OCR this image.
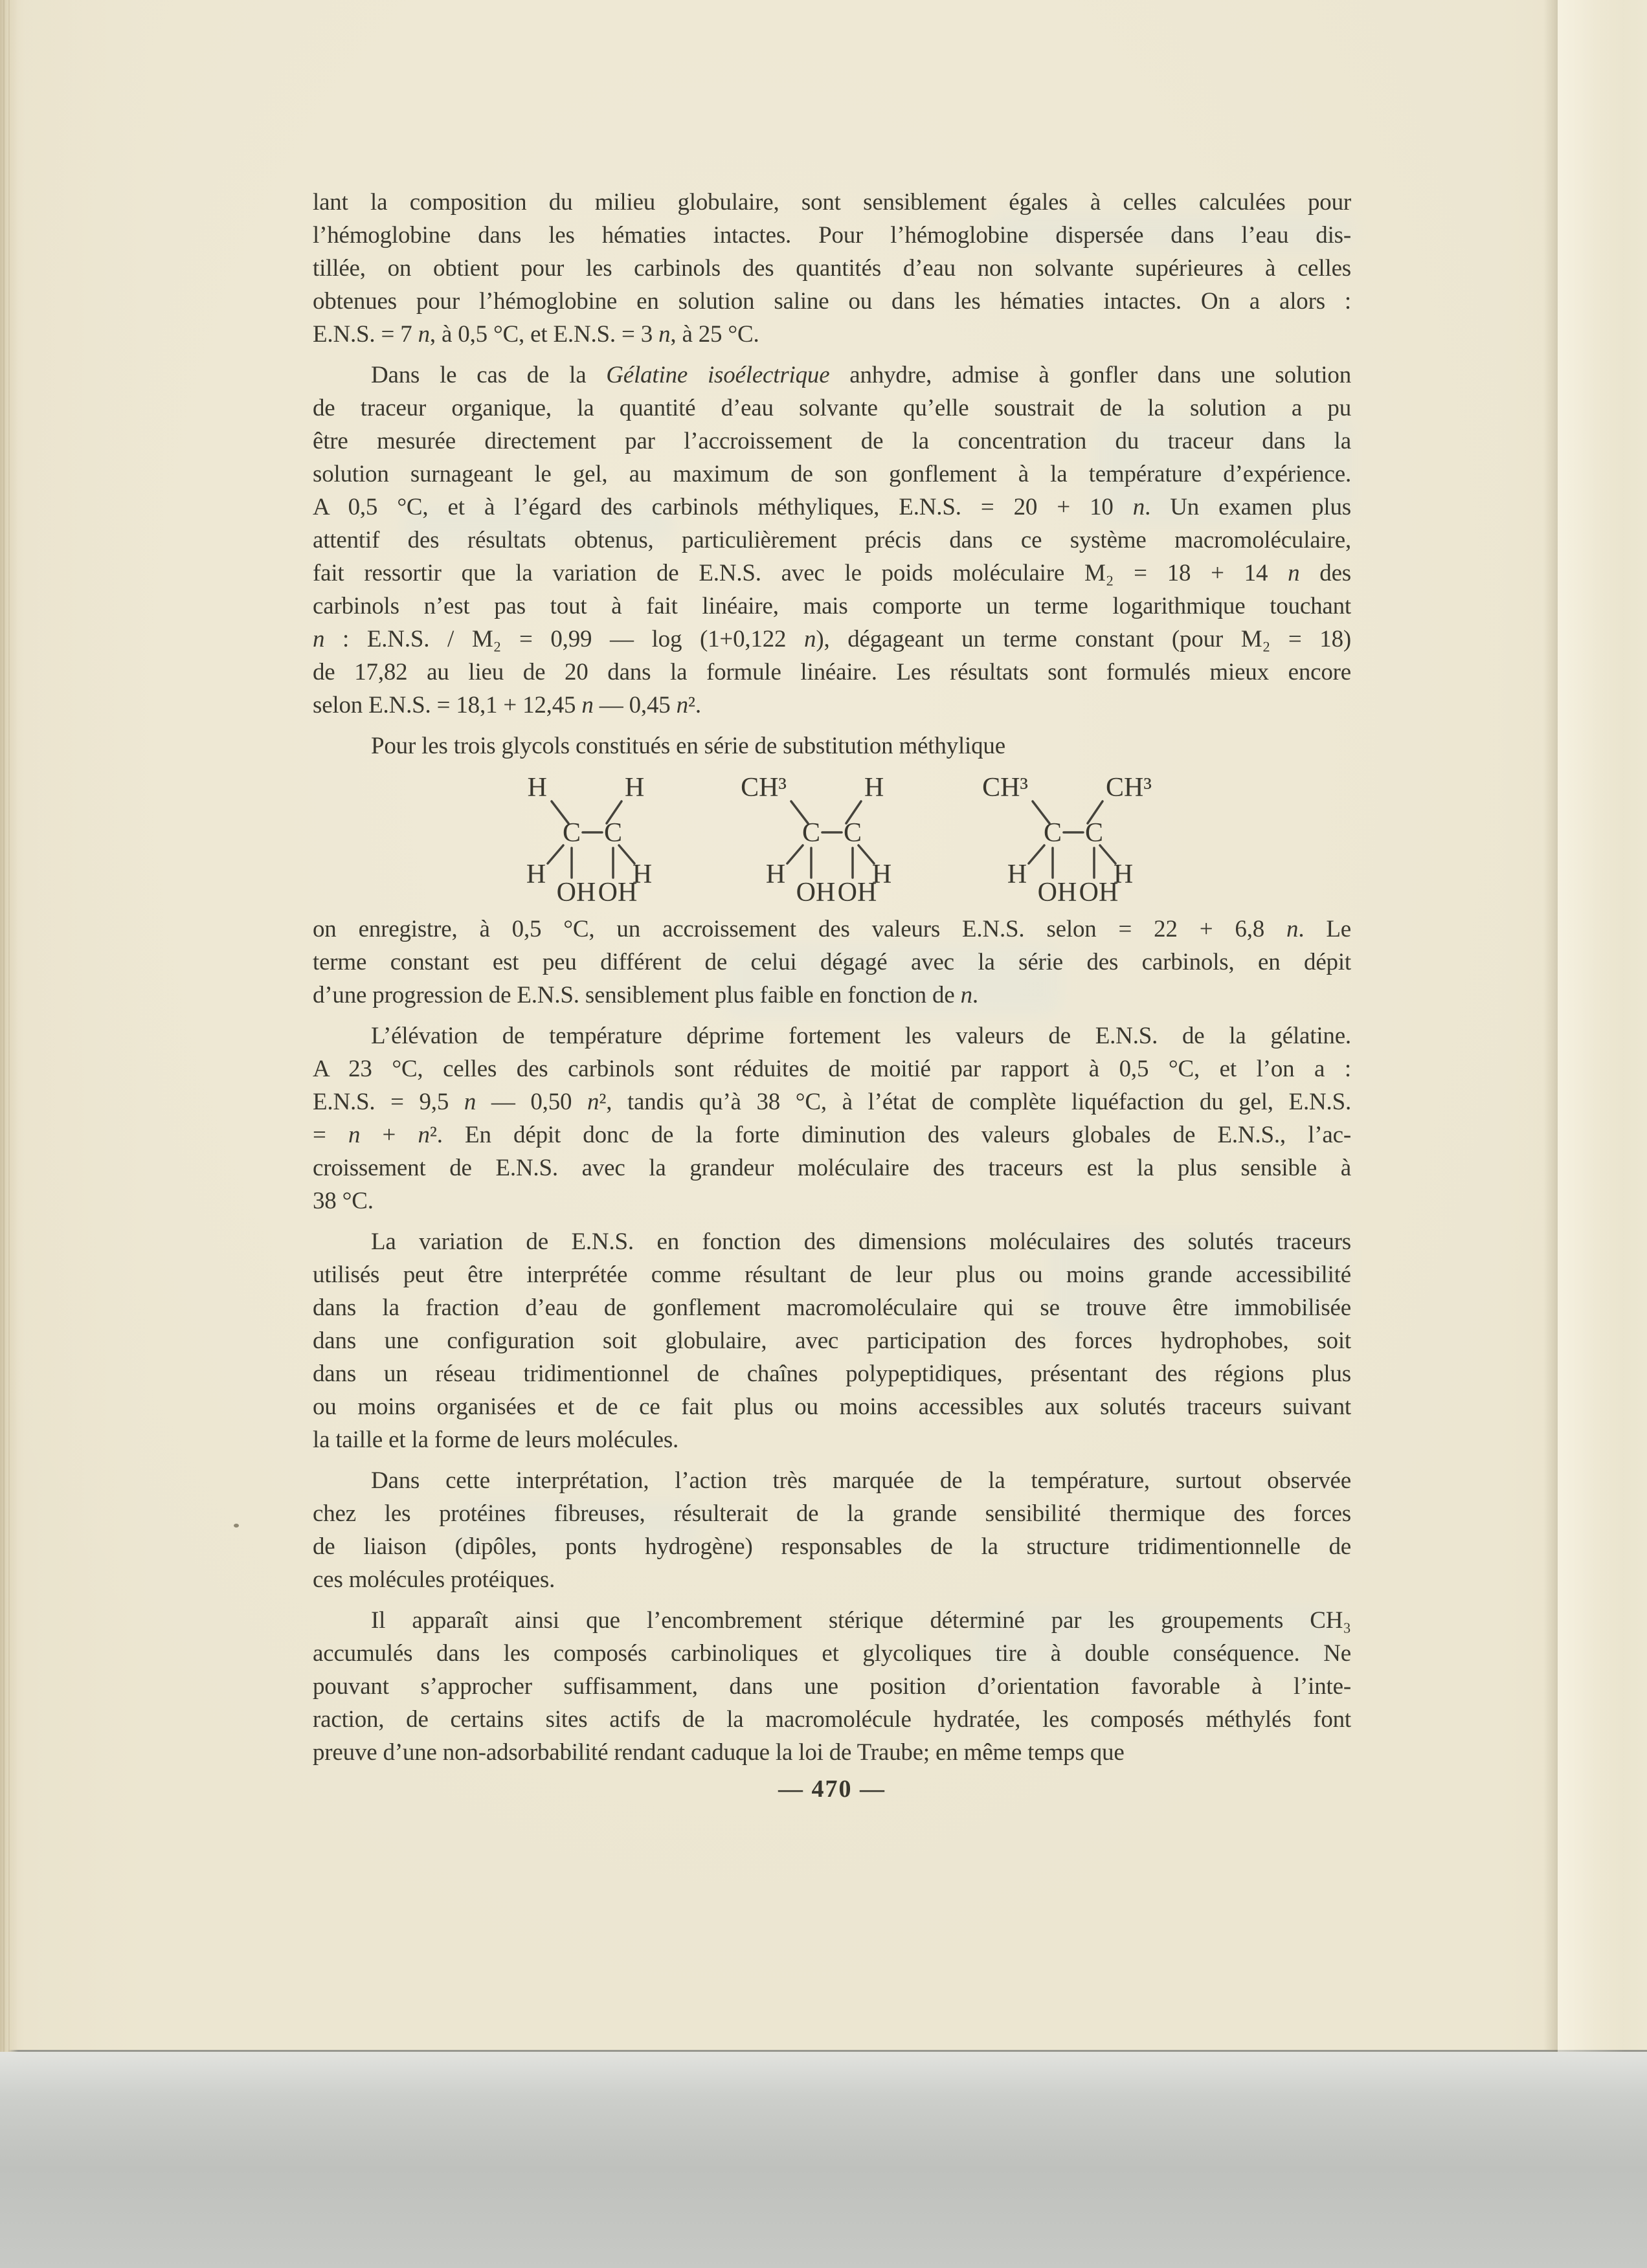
lant la composition du milieu globulaire, sont sensiblement égales à celles calculées pour
l’hémoglobine dans les hématies intactes. Pour l’hémoglobine dispersée dans l’eau dis-
tillée, on obtient pour les carbinols des quantités d’eau non solvante supérieures à celles
obtenues pour l’hémoglobine en solution saline ou dans les hématies intactes. On a alors :
E.N.S. = 7 n, à 0,5 °C, et E.N.S. = 3 n, à 25 °C.
Dans le cas de la Gélatine isoélectrique anhydre, admise à gonfler dans une solution
de traceur organique, la quantité d’eau solvante qu’elle soustrait de la solution a pu
être mesurée directement par l’accroissement de la concentration du traceur dans la
solution surnageant le gel, au maximum de son gonflement à la température d’expérience.
A 0,5 °C, et à l’égard des carbinols méthyliques, E.N.S. = 20 + 10 n. Un examen plus
attentif des résultats obtenus, particulièrement précis dans ce système macromoléculaire,
fait ressortir que la variation de E.N.S. avec le poids moléculaire M₂ = 18 + 14 n des
carbinols n’est pas tout à fait linéaire, mais comporte un terme logarithmique touchant
n : E.N.S. / M₂ = 0,99 — log (1+0,122 n), dégageant un terme constant (pour M₂ = 18)
de 17,82 au lieu de 20 dans la formule linéaire. Les résultats sont formulés mieux encore
selon E.N.S. = 18,1 + 12,45 n — 0,45 n².
Pour les trois glycols constitués en série de substitution méthylique
H	H
C C
H	H
OH OH
CH³	H
C C
H	H
OH OH
CH³	CH³
C C
H	H
OH OH
on enregistre, à 0,5 °C, un accroissement des valeurs E.N.S. selon = 22 + 6,8 n. Le
terme constant est peu différent de celui dégagé avec la série des carbinols, en dépit
d’une progression de E.N.S. sensiblement plus faible en fonction de n.
L’élévation de température déprime fortement les valeurs de E.N.S. de la gélatine.
A 23 °C, celles des carbinols sont réduites de moitié par rapport à 0,5 °C, et l’on a :
E.N.S. = 9,5 n — 0,50 n², tandis qu’à 38 °C, à l’état de complète liquéfaction du gel, E.N.S.
= n + n². En dépit donc de la forte diminution des valeurs globales de E.N.S., l’ac-
croissement de E.N.S. avec la grandeur moléculaire des traceurs est la plus sensible à
38 °C.
La variation de E.N.S. en fonction des dimensions moléculaires des solutés traceurs
utilisés peut être interprétée comme résultant de leur plus ou moins grande accessibilité
dans la fraction d’eau de gonflement macromoléculaire qui se trouve être immobilisée
dans une configuration soit globulaire, avec participation des forces hydrophobes, soit
dans un réseau tridimentionnel de chaînes polypeptidiques, présentant des régions plus
ou moins organisées et de ce fait plus ou moins accessibles aux solutés traceurs suivant
la taille et la forme de leurs molécules.
Dans cette interprétation, l’action très marquée de la température, surtout observée
chez les protéines fibreuses, résulterait de la grande sensibilité thermique des forces
de liaison (dipôles, ponts hydrogène) responsables de la structure tridimentionnelle de
ces molécules protéiques.
Il apparaît ainsi que l’encombrement stérique déterminé par les groupements CH₃
accumulés dans les composés carbinoliques et glycoliques tire à double conséquence. Ne
pouvant s’approcher suffisamment, dans une position d’orientation favorable à l’inte-
raction, de certains sites actifs de la macromolécule hydratée, les composés méthylés font
preuve d’une non-adsorbabilité rendant caduque la loi de Traube; en même temps que
— 470 —
